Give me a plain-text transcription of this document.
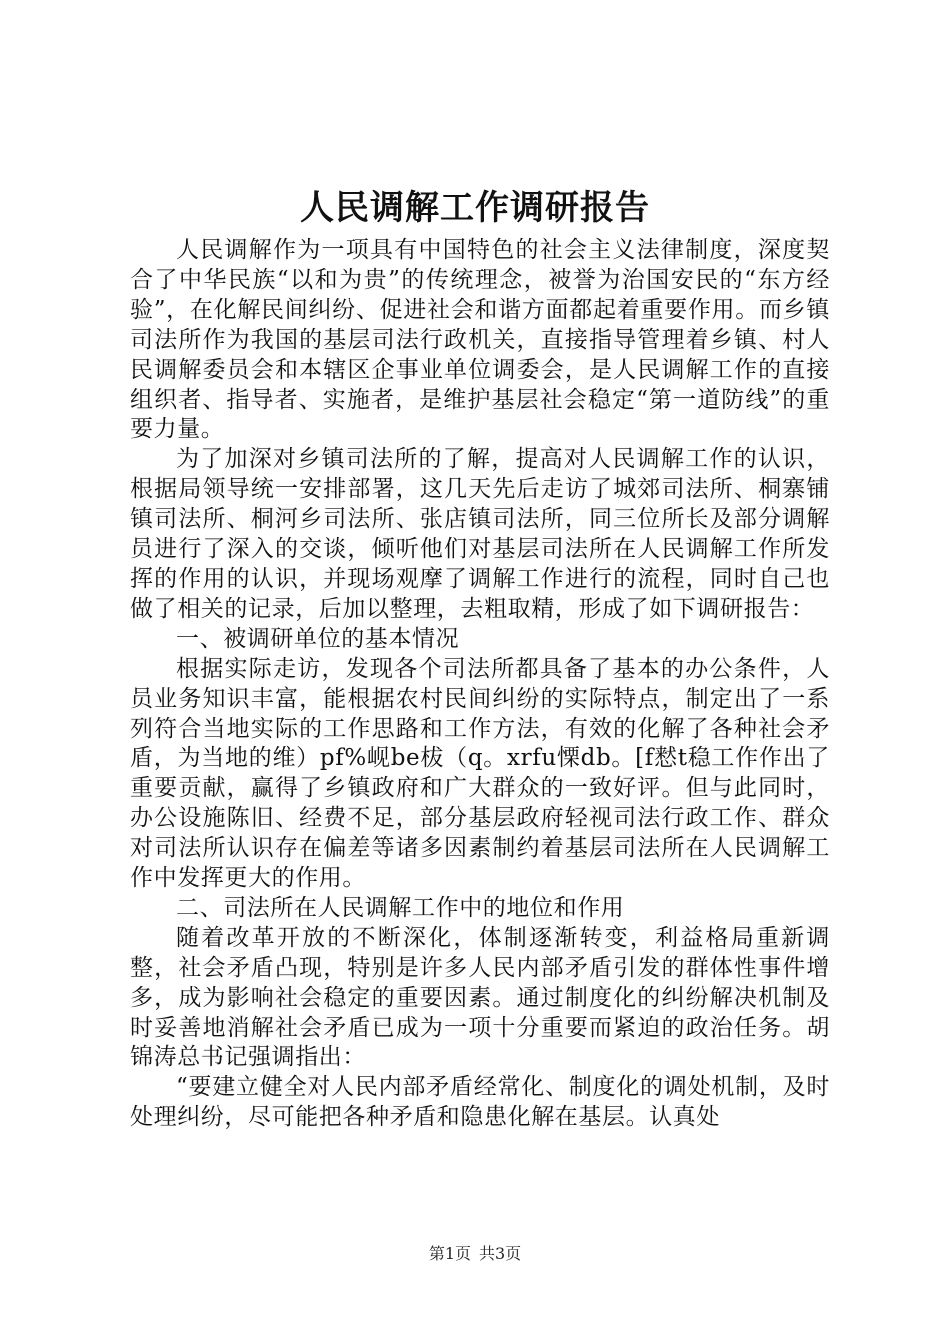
人民调解工作调研报告

人民调解作为一项具有中国特色的社会主义法律制度，深度契合了中华民族“以和为贵”的传统理念，被誉为治国安民的“东方经验”，在化解民间纠纷、促进社会和谐方面都起着重要作用。而乡镇司法所作为我国的基层司法行政机关，直接指导管理着乡镇、村人民调解委员会和本辖区企事业单位调委会，是人民调解工作的直接组织者、指导者、实施者，是维护基层社会稳定“第一道防线”的重要力量。

为了加深对乡镇司法所的了解，提高对人民调解工作的认识，根据局领导统一安排部署，这几天先后走访了城郊司法所、桐寨铺镇司法所、桐河乡司法所、张店镇司法所，同三位所长及部分调解员进行了深入的交谈，倾听他们对基层司法所在人民调解工作所发挥的作用的认识，并现场观摩了调解工作进行的流程，同时自己也做了相关的记录，后加以整理，去粗取精，形成了如下调研报告：

一、被调研单位的基本情况

根据实际走访，发现各个司法所都具备了基本的办公条件，人员业务知识丰富，能根据农村民间纠纷的实际特点，制定出了一系列符合当地实际的工作思路和工作方法，有效的化解了各种社会矛盾，为当地的维）pf%岘be柭（q。xrfu慄db。[f慭t稳工作作出了重要贡献，赢得了乡镇政府和广大群众的一致好评。但与此同时，办公设施陈旧、经费不足，部分基层政府轻视司法行政工作、群众对司法所认识存在偏差等诸多因素制约着基层司法所在人民调解工作中发挥更大的作用。

二、司法所在人民调解工作中的地位和作用

随着改革开放的不断深化，体制逐渐转变，利益格局重新调整，社会矛盾凸现，特别是许多人民内部矛盾引发的群体性事件增多，成为影响社会稳定的重要因素。通过制度化的纠纷解决机制及时妥善地消解社会矛盾已成为一项十分重要而紧迫的政治任务。胡锦涛总书记强调指出：

“要建立健全对人民内部矛盾经常化、制度化的调处机制，及时处理纠纷，尽可能把各种矛盾和隐患化解在基层。认真处

第1页 共3页
